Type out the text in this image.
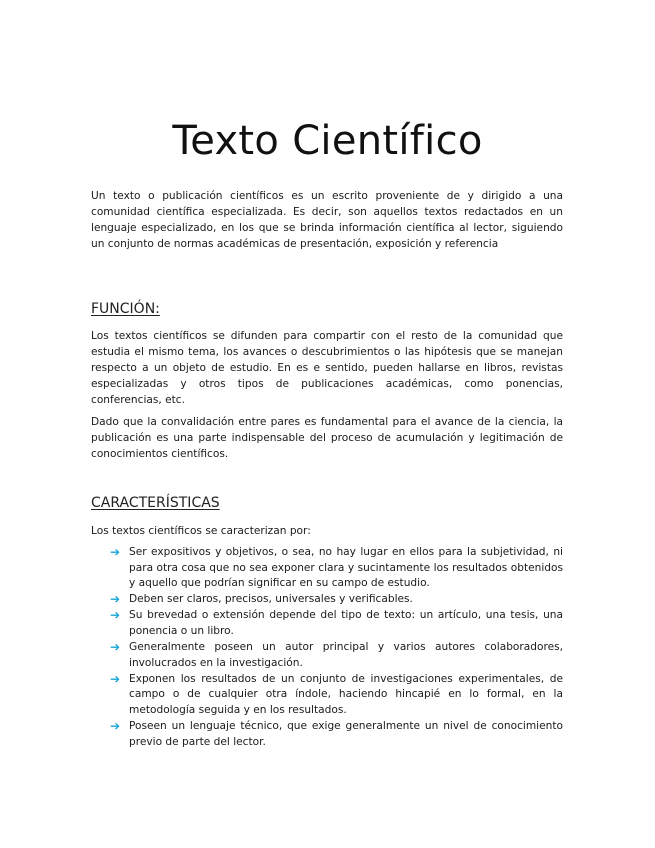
Texto Científico

Un texto o publicación científicos es un escrito proveniente de y dirigido a una comunidad científica especializada. Es decir, son aquellos textos redactados en un lenguaje especializado, en los que se brinda información científica al lector, siguiendo un conjunto de normas académicas de presentación, exposición y referencia

FUNCIÓN:

Los textos científicos se difunden para compartir con el resto de la comunidad que estudia el mismo tema, los avances o descubrimientos o las hipótesis que se manejan respecto a un objeto de estudio. En es e sentido, pueden hallarse en libros, revistas especializadas y otros tipos de publicaciones académicas, como ponencias, conferencias, etc.

Dado que la convalidación entre pares es fundamental para el avance de la ciencia, la publicación es una parte indispensable del proceso de acumulación y legitimación de conocimientos científicos.

CARACTERÍSTICAS

Los textos científicos se caracterizan por:

➔ Ser expositivos y objetivos, o sea, no hay lugar en ellos para la subjetividad, ni para otra cosa que no sea exponer clara y sucintamente los resultados obtenidos y aquello que podrían significar en su campo de estudio.
➔ Deben ser claros, precisos, universales y verificables.
➔ Su brevedad o extensión depende del tipo de texto: un artículo, una tesis, una ponencia o un libro.
➔ Generalmente poseen un autor principal y varios autores colaboradores, involucrados en la investigación.
➔ Exponen los resultados de un conjunto de investigaciones experimentales, de campo o de cualquier otra índole, haciendo hincapié en lo formal, en la metodología seguida y en los resultados.
➔ Poseen un lenguaje técnico, que exige generalmente un nivel de conocimiento previo de parte del lector.
